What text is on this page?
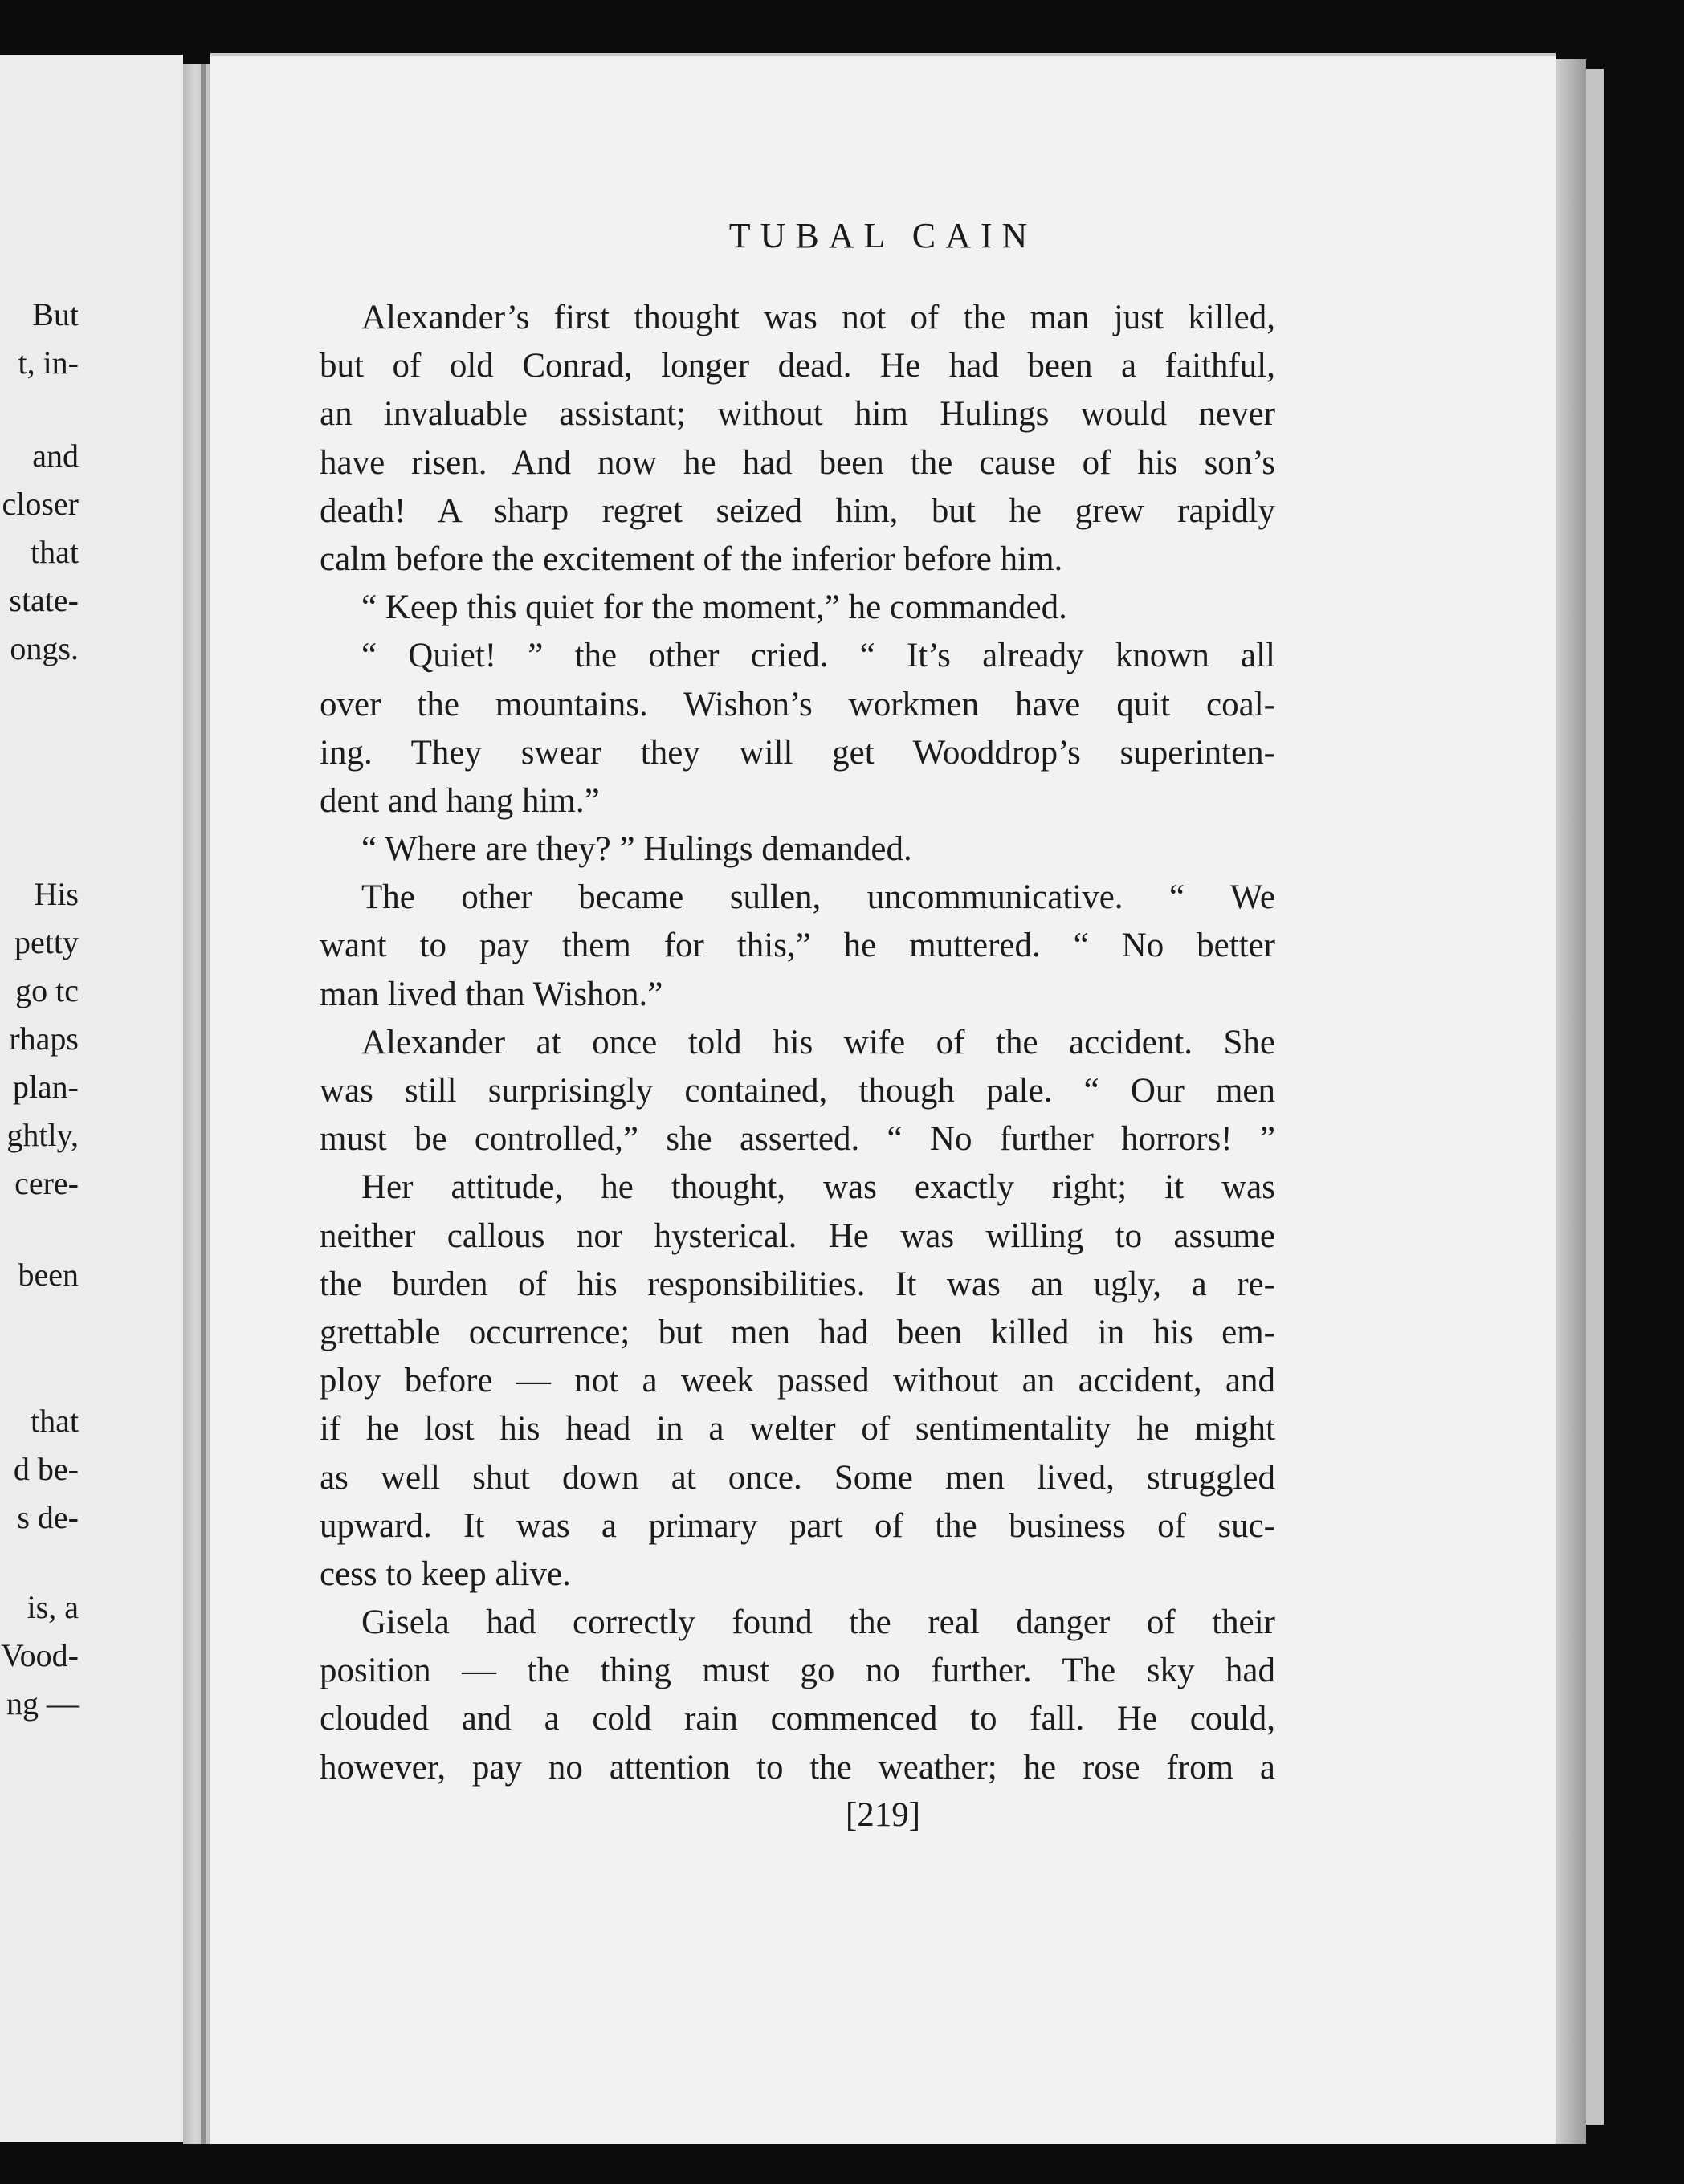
But
t, in-
and
closer
that
state-
ongs.
His
petty
go tc
rhaps
plan-
ghtly,
cere-
been
that
d be-
s de-
is, a
Vood-
ng —
TUBAL CAIN
Alexander’s first thought was not of the man just killed,
but of old Conrad, longer dead. He had been a faithful,
an invaluable assistant; without him Hulings would never
have risen. And now he had been the cause of his son’s
death! A sharp regret seized him, but he grew rapidly
calm before the excitement of the inferior before him.
“ Keep this quiet for the moment,” he commanded.
“ Quiet! ” the other cried. “ It’s already known all
over the mountains. Wishon’s workmen have quit coal-
ing. They swear they will get Wooddrop’s superinten-
dent and hang him.”
“ Where are they? ” Hulings demanded.
The other became sullen, uncommunicative. “ We
want to pay them for this,” he muttered. “ No better
man lived than Wishon.”
Alexander at once told his wife of the accident. She
was still surprisingly contained, though pale. “ Our men
must be controlled,” she asserted. “ No further horrors! ”
Her attitude, he thought, was exactly right; it was
neither callous nor hysterical. He was willing to assume
the burden of his responsibilities. It was an ugly, a re-
grettable occurrence; but men had been killed in his em-
ploy before — not a week passed without an accident, and
if he lost his head in a welter of sentimentality he might
as well shut down at once. Some men lived, struggled
upward. It was a primary part of the business of suc-
cess to keep alive.
Gisela had correctly found the real danger of their
position — the thing must go no further. The sky had
clouded and a cold rain commenced to fall. He could,
however, pay no attention to the weather; he rose from a
[219]
